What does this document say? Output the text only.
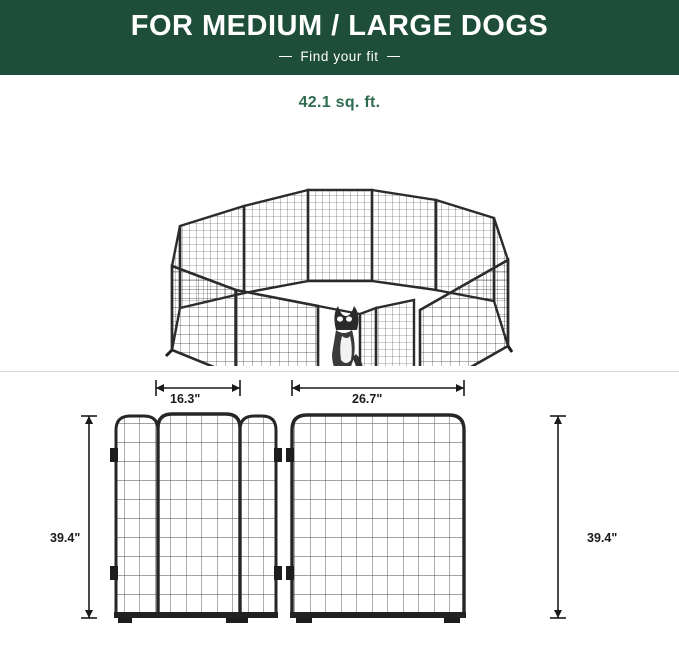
FOR MEDIUM / LARGE DOGS
Find your fit
42.1 sq. ft.
16.3"	26.7"
39.4"	39.4"
